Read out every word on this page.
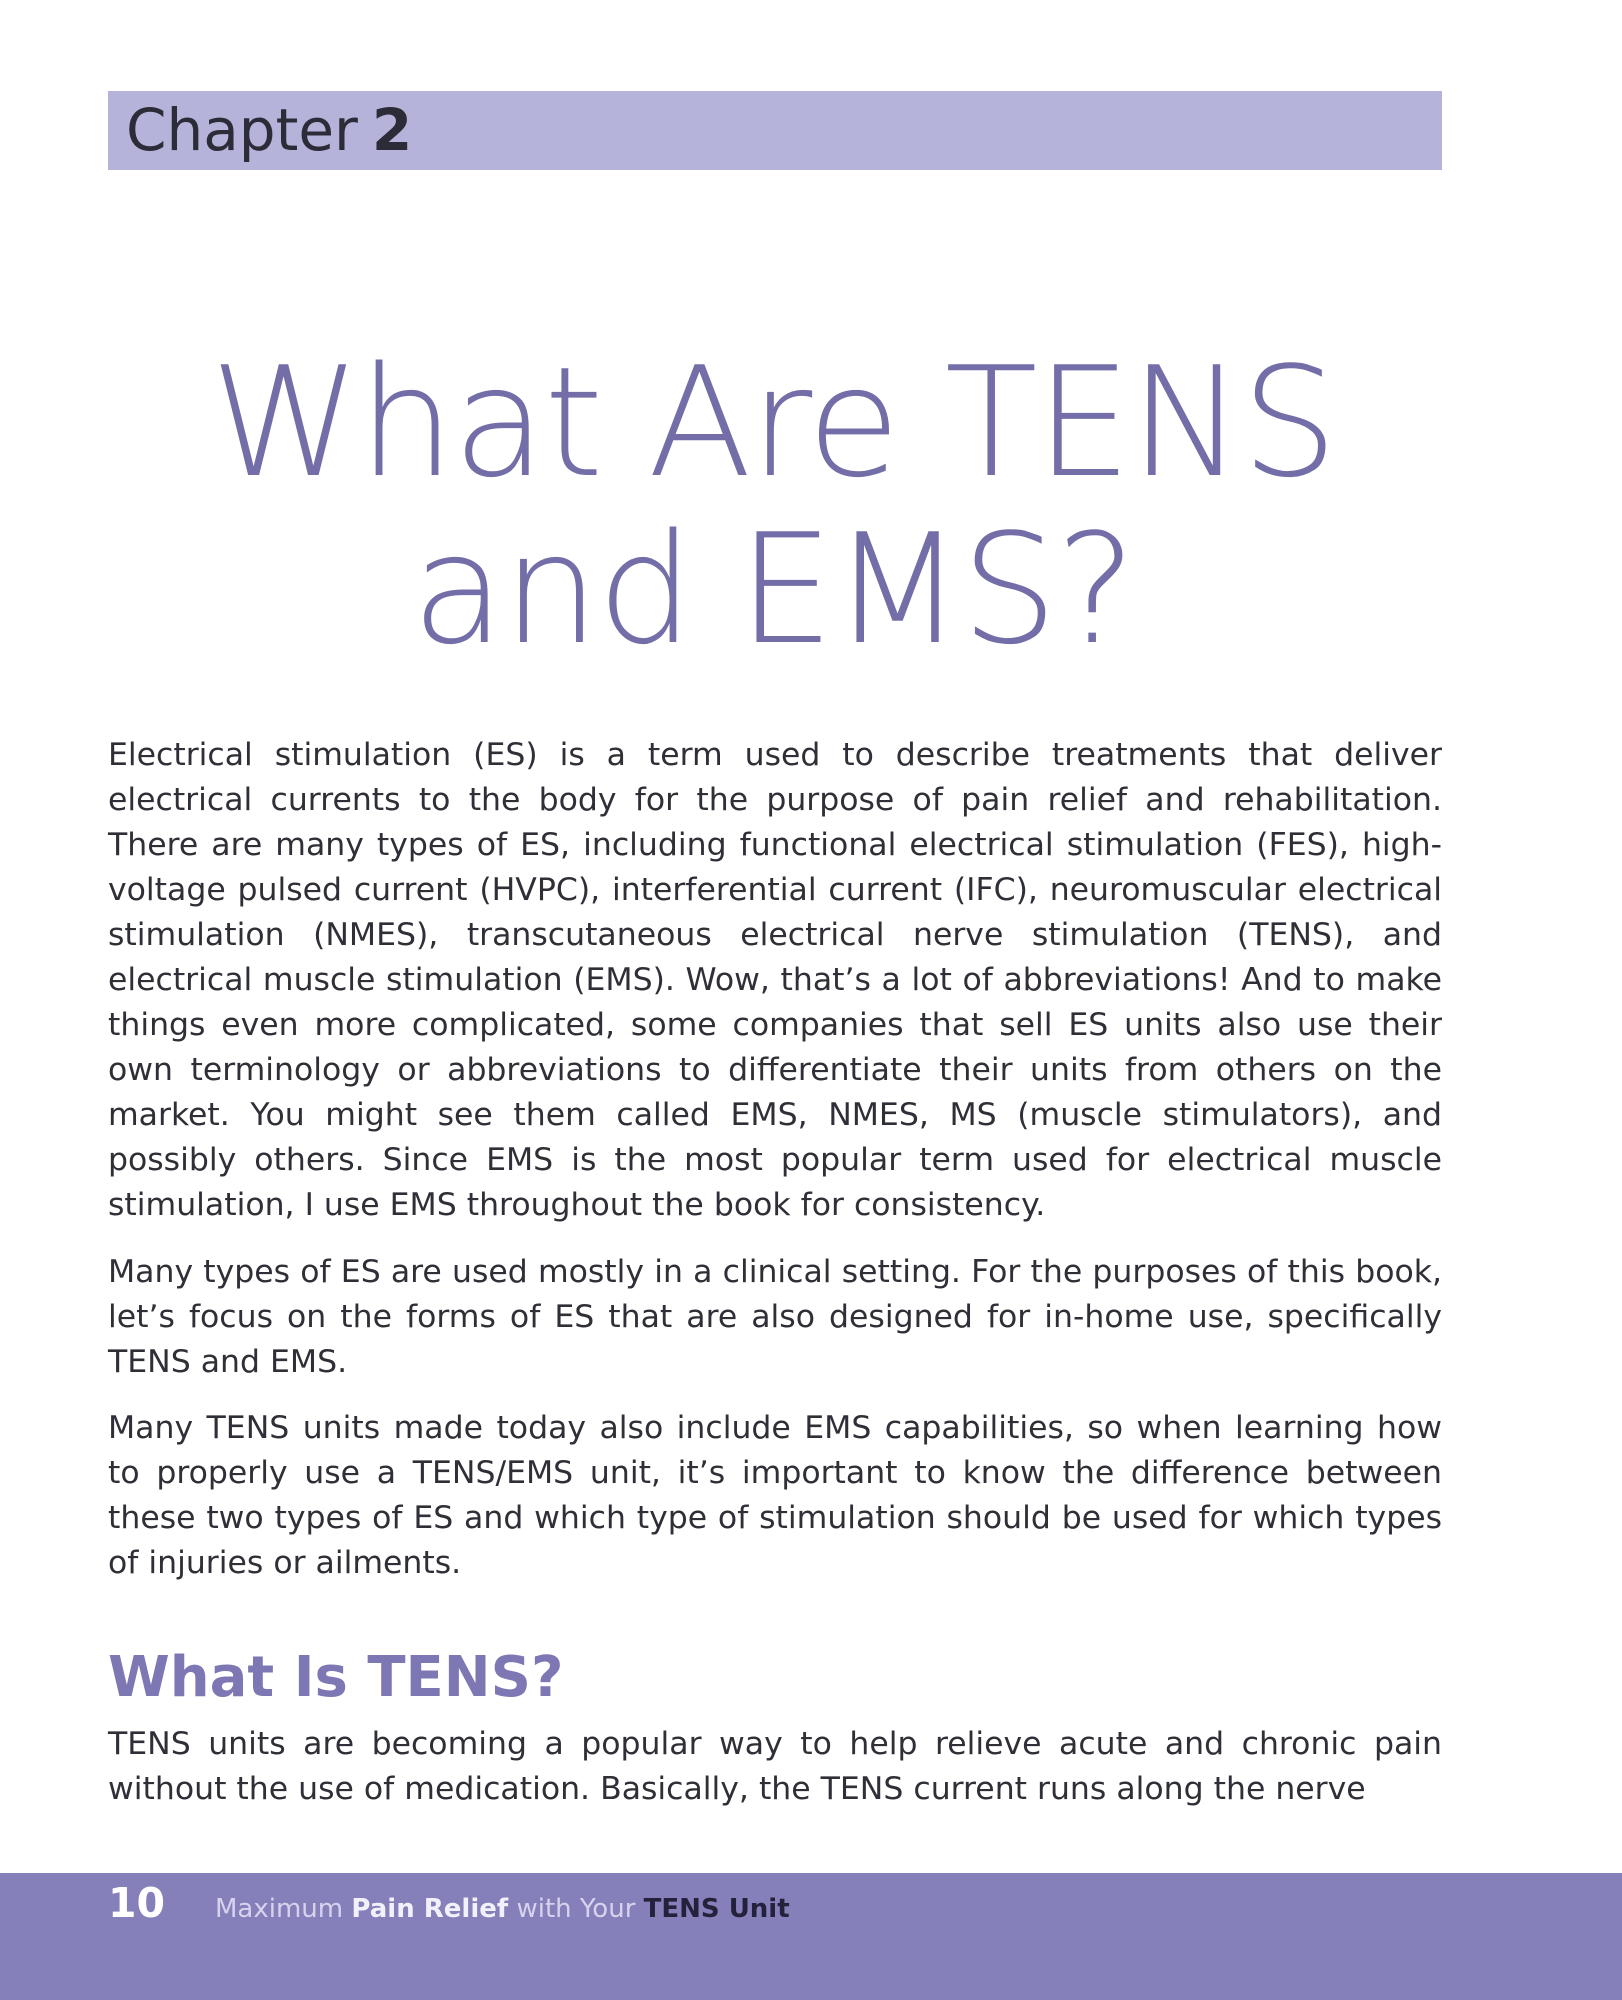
Chapter 2
What Are TENS
and EMS?

Electrical stimulation (ES) is a term used to describe treatments that deliver electrical currents to the body for the purpose of pain relief and rehabilitation. There are many types of ES, including functional electrical stimulation (FES), high-voltage pulsed current (HVPC), interferential current (IFC), neuromuscular electrical stimulation (NMES), transcutaneous electrical nerve stimulation (TENS), and electrical muscle stimulation (EMS). Wow, that’s a lot of abbreviations! And to make things even more complicated, some companies that sell ES units also use their own terminology or abbreviations to differentiate their units from others on the market. You might see them called EMS, NMES, MS (muscle stimulators), and possibly others. Since EMS is the most popular term used for electrical muscle stimulation, I use EMS throughout the book for consistency.

Many types of ES are used mostly in a clinical setting. For the purposes of this book, let’s focus on the forms of ES that are also designed for in-home use, specifically TENS and EMS.

Many TENS units made today also include EMS capabilities, so when learning how to properly use a TENS/EMS unit, it’s important to know the difference between these two types of ES and which type of stimulation should be used for which types of injuries or ailments.

What Is TENS?

TENS units are becoming a popular way to help relieve acute and chronic pain without the use of medication. Basically, the TENS current runs along the nerve

10 Maximum Pain Relief with Your TENS Unit
